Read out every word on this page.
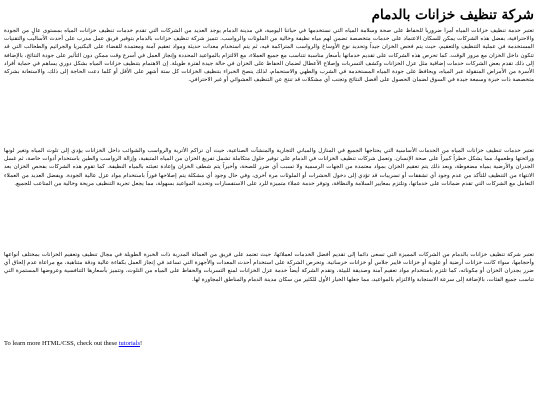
شركة تنظيف خزانات بالدمام

تعتبر خدمة تنظيف خزانات المياه أمراً ضرورياً للحفاظ على صحة وسلامة المياه التي نستخدمها في حياتنا اليومية، في مدينة الدمام يوجد العديد من الشركات التي تقدم خدمات تنظيف خزانات المياه بمستوى عالٍ من الجودة والاحترافية، بفضل هذه الشركات يمكن للسكان الاعتماد على خدمات متخصصة تضمن لهم مياه نظيفة وخالية من الملوثات والرواسب. تتميز شركة تنظيف خزانات بالدمام بتوفير فريق عمل مدرب على أحدث الأساليب والتقنيات المستخدمة في عملية التنظيف والتعقيم، حيث يتم فحص الخزان جيداً وتحديد نوع الأوساخ والرواسب المتراكمة فيه، ثم يتم استخدام معدات حديثة ومواد تعقيم آمنة ومعتمدة للقضاء على البكتيريا والجراثيم والطحالب التي قد تتكون داخل الخزان مع مرور الوقت. كما تحرص هذه الشركات على تقديم خدماتها بأسعار مناسبة تتناسب مع جميع العملاء، مع الالتزام بالمواعيد المحددة وإنجاز العمل في أسرع وقت ممكن دون التأثير على جودة النتائج، بالإضافة إلى ذلك تقدم بعض الشركات خدمات إضافية مثل عزل الخزانات وكشف التسربات وإصلاح الأعطال لضمان الحفاظ على الخزان في حالة جيدة لفترة طويلة. إن الاهتمام بتنظيف خزانات المياه بشكل دوري يساهم في حماية أفراد الأسرة من الأمراض المنقولة عبر المياه، ويحافظ على جودة المياه المستخدمة في الشرب والطهي والاستحمام، لذلك ينصح الخبراء بتنظيف الخزانات كل ستة أشهر على الأقل أو كلما دعت الحاجة إلى ذلك، والاستعانة بشركة متخصصة ذات خبرة وسمعة جيدة في السوق لضمان الحصول على أفضل النتائج وتجنب أي مشكلات قد تنتج عن التنظيف العشوائي أو غير الاحترافي.

تعتبر خدمات تنظيف خزانات المياه من الخدمات الأساسية التي يحتاجها الجميع في المنازل والمباني التجارية والمنشآت الصناعية، حيث أن تراكم الأتربة والرواسب والشوائب داخل الخزانات يؤدي إلى تلوث المياه وتغير لونها ورائحتها وطعمها، مما يشكل خطراً كبيراً على صحة الإنسان. وتعمل شركات تنظيف الخزانات في الدمام على توفير حلول متكاملة تشمل تفريغ الخزان من المياه المتبقية، وإزالة الرواسب والطين باستخدام أدوات خاصة، ثم غسل الجدران والأرضية بمياه مضغوطة، وبعد ذلك يتم تعقيم الخزان بمواد معتمدة من الجهات الرسمية ولا تسبب أي ضرر للصحة، وأخيراً يتم شطف الخزان وإعادة تعبئته بالمياه النظيفة. كما تقوم هذه الشركات بفحص الخزان بعد الانتهاء من التنظيف للتأكد من عدم وجود أي تشققات أو تسريبات قد تؤدي إلى دخول الحشرات أو الملوثات مرة أخرى، وفي حال وجود أي مشكلة يتم إصلاحها فوراً باستخدام مواد عزل عالية الجودة. ويفضل العديد من العملاء التعامل مع الشركات التي تقدم ضمانات على خدماتها، وتلتزم بمعايير السلامة والنظافة، وتوفر خدمة عملاء متميزة للرد على الاستفسارات وتحديد المواعيد بسهولة، مما يجعل تجربة التنظيف مريحة وخالية من المتاعب للجميع.

تعتبر شركة تنظيف خزانات بالدمام من الشركات المميزة التي تسعى دائماً إلى تقديم أفضل الخدمات لعملائها، حيث تعتمد على فريق من العمالة المدربة ذات الخبرة الطويلة في مجال تنظيف وتعقيم الخزانات بمختلف أنواعها وأحجامها، سواء كانت خزانات أرضية أو علوية أو خزانات فايبر جلاس أو خزانات خرسانية. وتحرص الشركة على استخدام أحدث المعدات والأجهزة التي تساعد في إنجاز العمل بكفاءة عالية ودقة متناهية، مع مراعاة عدم إلحاق أي ضرر بجدران الخزان أو مكوناته، كما تلتزم باستخدام مواد تعقيم آمنة وصديقة للبيئة، وتقدم الشركة أيضاً خدمة عزل الخزانات لمنع التسربات والحفاظ على المياه من التلوث، وتتميز بأسعارها التنافسية وعروضها المستمرة التي تناسب جميع الفئات، بالإضافة إلى سرعة الاستجابة والالتزام بالمواعيد، مما جعلها الخيار الأول للكثير من سكان مدينة الدمام والمناطق المجاورة لها.

To learn more HTML/CSS, check out these tutorials!
